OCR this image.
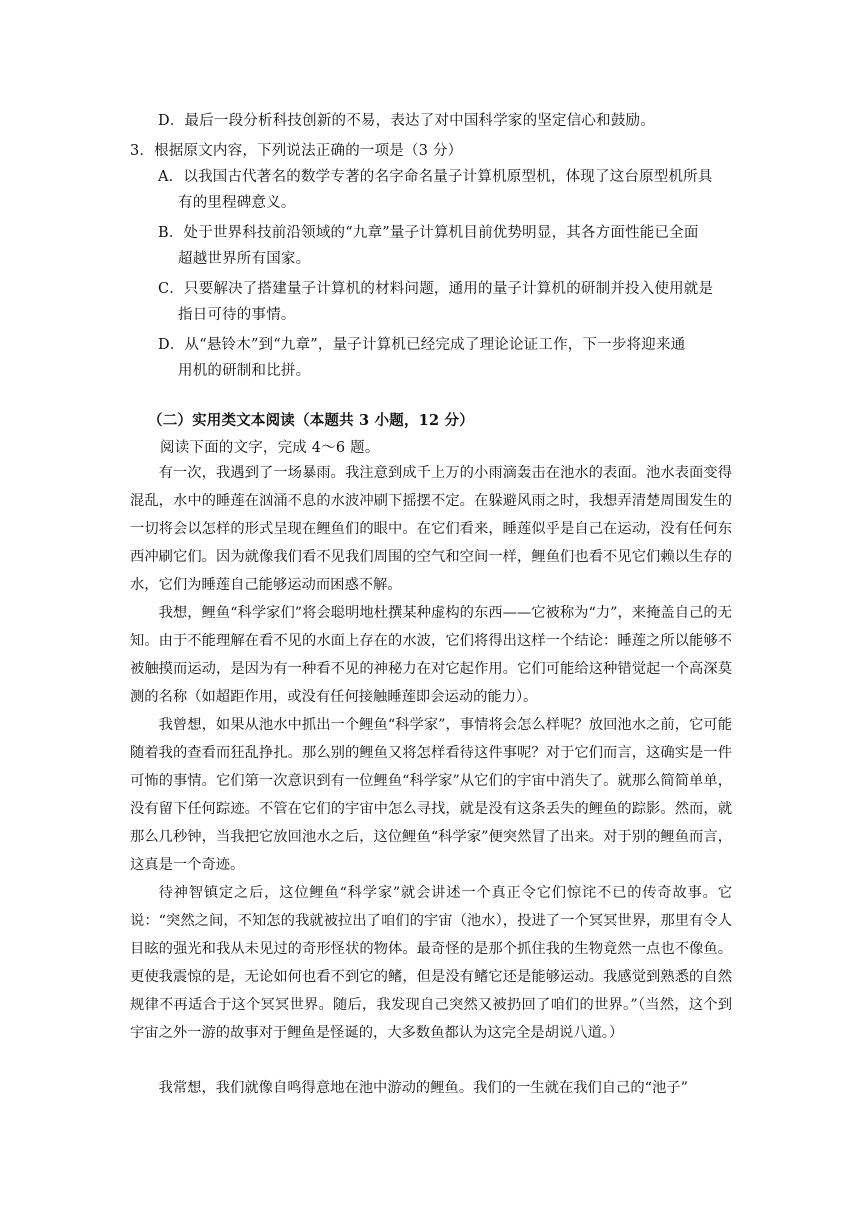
D．最后一段分析科技创新的不易，表达了对中国科学家的坚定信心和鼓励。
3．根据原文内容，下列说法正确的一项是（3 分）
A．以我国古代著名的数学专著的名字命名量子计算机原型机，体现了这台原型机所具
有的里程碑意义。
B．处于世界科技前沿领域的“九章”量子计算机目前优势明显，其各方面性能已全面
超越世界所有国家。
C．只要解决了搭建量子计算机的材料问题，通用的量子计算机的研制并投入使用就是
指日可待的事情。
D．从“悬铃木”到“九章”，量子计算机已经完成了理论论证工作，下一步将迎来通
用机的研制和比拼。
（二）实用类文本阅读（本题共 3 小题，12 分）
阅读下面的文字，完成 4～6 题。
有一次，我遇到了一场暴雨。我注意到成千上万的小雨滴轰击在池水的表面。池水表面变得混乱，水中的睡莲在汹涌不息的水波冲刷下摇摆不定。在躲避风雨之时，我想弄清楚周围发生的一切将会以怎样的形式呈现在鲤鱼们的眼中。在它们看来，睡莲似乎是自己在运动，没有任何东西冲刷它们。因为就像我们看不见我们周围的空气和空间一样，鲤鱼们也看不见它们赖以生存的水，它们为睡莲自己能够运动而困惑不解。
我想，鲤鱼“科学家们”将会聪明地杜撰某种虚构的东西——它被称为“力”，来掩盖自己的无知。由于不能理解在看不见的水面上存在的水波，它们将得出这样一个结论：睡莲之所以能够不被触摸而运动，是因为有一种看不见的神秘力在对它起作用。它们可能给这种错觉起一个高深莫测的名称（如超距作用，或没有任何接触睡莲即会运动的能力）。
我曾想，如果从池水中抓出一个鲤鱼“科学家”，事情将会怎么样呢？放回池水之前，它可能随着我的查看而狂乱挣扎。那么别的鲤鱼又将怎样看待这件事呢？对于它们而言，这确实是一件可怖的事情。它们第一次意识到有一位鲤鱼“科学家”从它们的宇宙中消失了。就那么简简单单，没有留下任何踪迹。不管在它们的宇宙中怎么寻找，就是没有这条丢失的鲤鱼的踪影。然而，就那么几秒钟，当我把它放回池水之后，这位鲤鱼“科学家”便突然冒了出来。对于别的鲤鱼而言，这真是一个奇迹。
待神智镇定之后，这位鲤鱼“科学家”就会讲述一个真正令它们惊诧不已的传奇故事。它说：“突然之间，不知怎的我就被拉出了咱们的宇宙（池水），投进了一个冥冥世界，那里有令人目眩的强光和我从未见过的奇形怪状的物体。最奇怪的是那个抓住我的生物竟然一点也不像鱼。更使我震惊的是，无论如何也看不到它的鳍，但是没有鳍它还是能够运动。我感觉到熟悉的自然规律不再适合于这个冥冥世界。随后，我发现自己突然又被扔回了咱们的世界。”（当然，这个到宇宙之外一游的故事对于鲤鱼是怪诞的，大多数鱼都认为这完全是胡说八道。）
我常想，我们就像自鸣得意地在池中游动的鲤鱼。我们的一生就在我们自己的“池子”
